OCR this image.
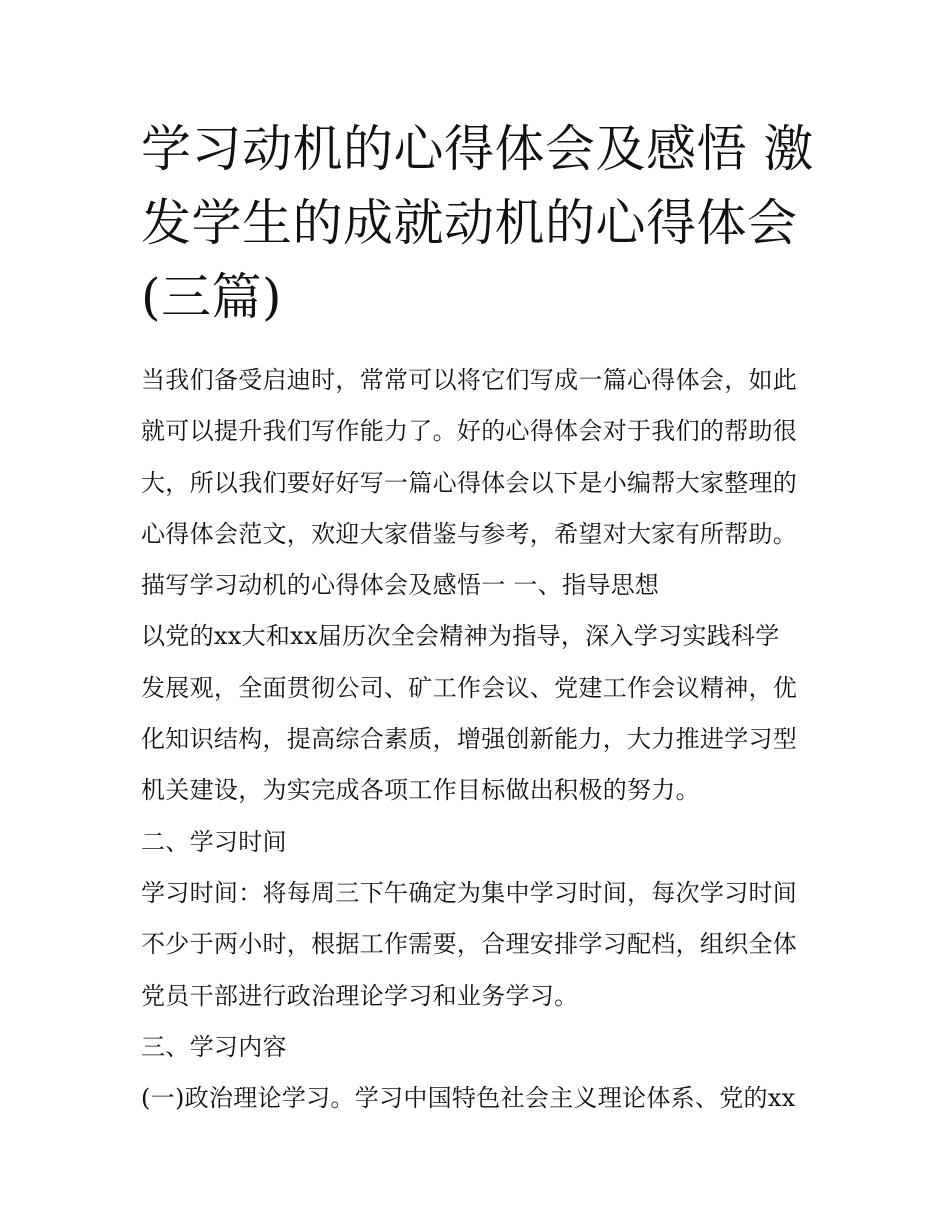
学习动机的心得体会及感悟 激
发学生的成就动机的心得体会
(三篇)
当我们备受启迪时，常常可以将它们写成一篇心得体会，如此
就可以提升我们写作能力了。好的心得体会对于我们的帮助很
大，所以我们要好好写一篇心得体会以下是小编帮大家整理的
心得体会范文，欢迎大家借鉴与参考，希望对大家有所帮助。
描写学习动机的心得体会及感悟一 一、指导思想
以党的xx大和xx届历次全会精神为指导，深入学习实践科学
发展观，全面贯彻公司、矿工作会议、党建工作会议精神，优
化知识结构，提高综合素质，增强创新能力，大力推进学习型
机关建设，为实完成各项工作目标做出积极的努力。
二、学习时间
学习时间：将每周三下午确定为集中学习时间，每次学习时间
不少于两小时，根据工作需要，合理安排学习配档，组织全体
党员干部进行政治理论学习和业务学习。
三、学习内容
(一)政治理论学习。学习中国特色社会主义理论体系、党的xx
